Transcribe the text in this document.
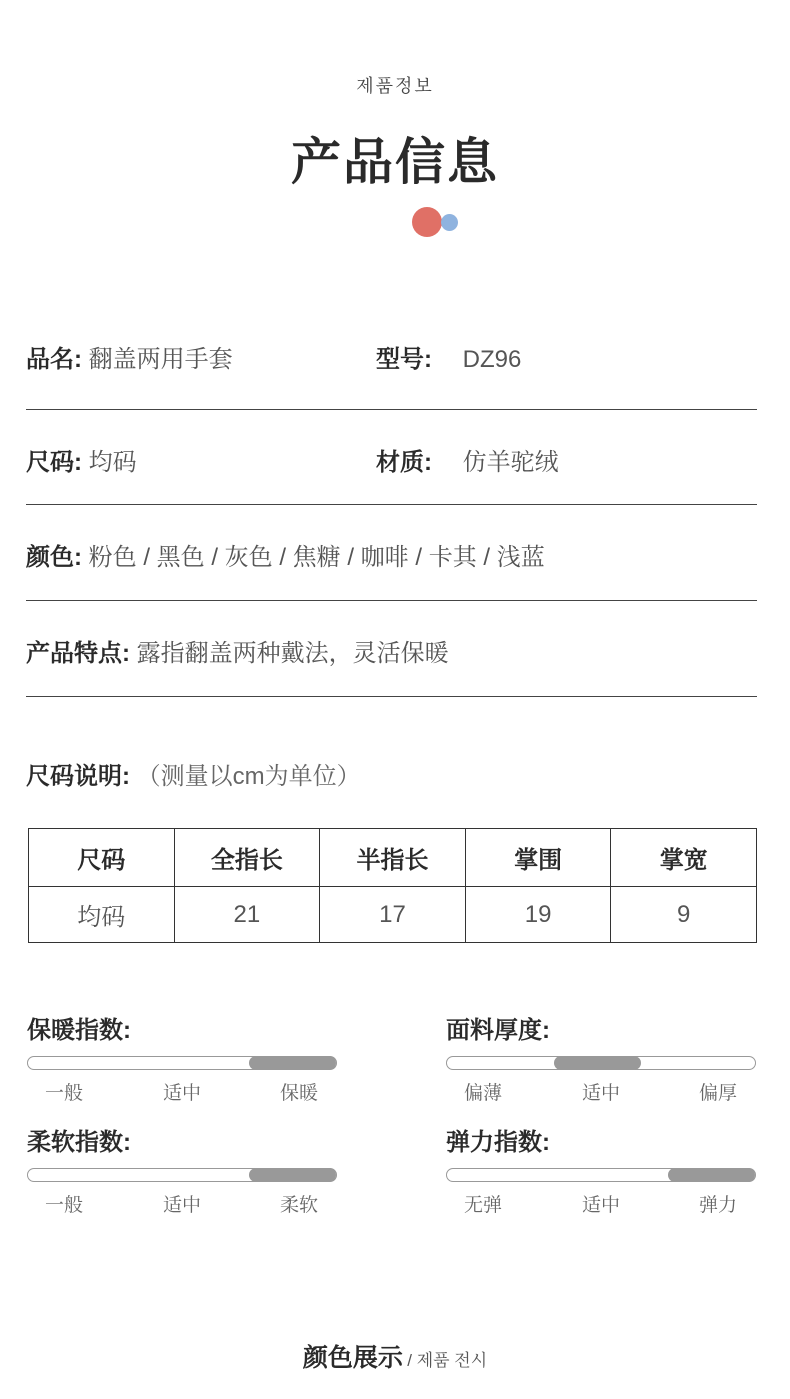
제품정보
产品信息
品名: 翻盖两用手套	型号: DZ96
尺码: 均码	材质: 仿羊驼绒
颜色: 粉色 / 黑色 / 灰色 / 焦糖 / 咖啡 / 卡其 / 浅蓝
产品特点: 露指翻盖两种戴法，灵活保暖
尺码说明: （测量以cm为单位）
尺码	全指长	半指长	掌围	掌宽
均码	21	17	19	9
保暖指数:
一般	适中	保暖
面料厚度:
偏薄	适中	偏厚
柔软指数:
一般	适中	柔软
弹力指数:
无弹	适中	弹力
颜色展示 / 제품 전시
